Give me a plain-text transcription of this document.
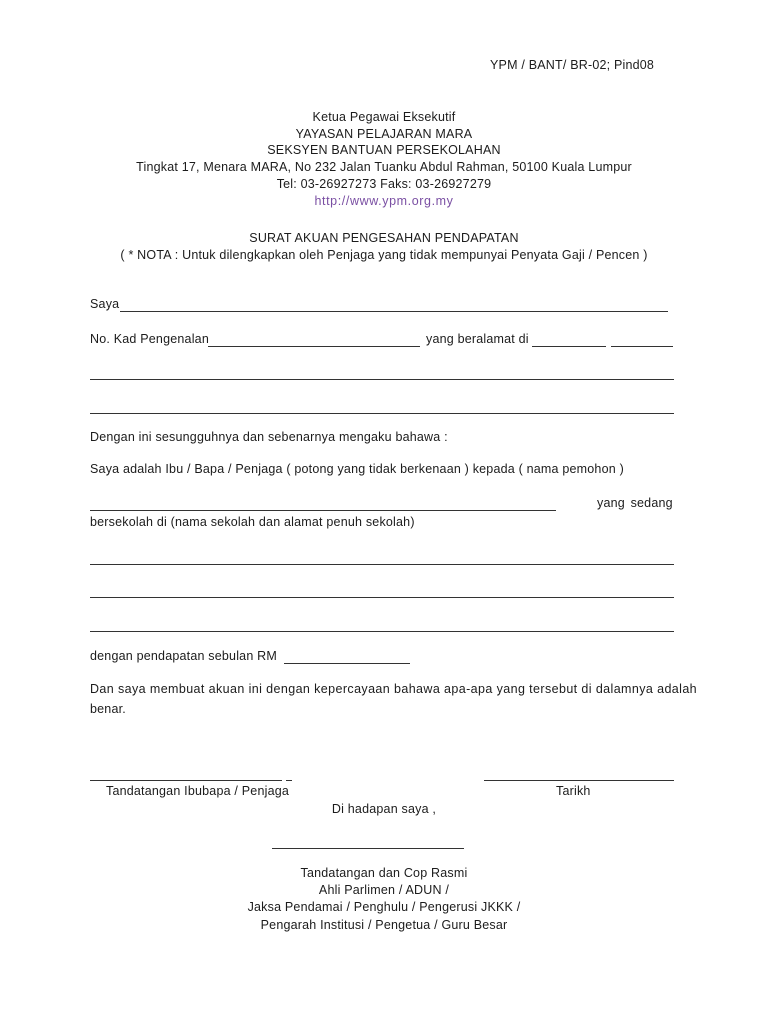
YPM / BANT/ BR-02; Pind08
Ketua Pegawai Eksekutif
YAYASAN PELAJARAN MARA
SEKSYEN BANTUAN PERSEKOLAHAN
Tingkat 17, Menara MARA, No 232 Jalan Tuanku Abdul Rahman, 50100 Kuala Lumpur
Tel: 03-26927273 Faks: 03-26927279
http://www.ypm.org.my
SURAT AKUAN PENGESAHAN PENDAPATAN
( * NOTA : Untuk dilengkapkan oleh Penjaga yang tidak mempunyai Penyata Gaji / Pencen )
Saya
No. Kad Pengenalan	yang beralamat di
Dengan ini sesungguhnya dan sebenarnya mengaku bahawa :
Saya adalah Ibu / Bapa / Penjaga ( potong yang tidak berkenaan ) kepada ( nama pemohon )
yang sedang
bersekolah di (nama sekolah dan alamat penuh sekolah)
dengan pendapatan sebulan RM
Dan saya membuat akuan ini dengan kepercayaan bahawa apa-apa yang tersebut di dalamnya adalah
benar.
Tandatangan Ibubapa / Penjaga	Tarikh
Di hadapan saya ,
Tandatangan dan Cop Rasmi
Ahli Parlimen / ADUN /
Jaksa Pendamai / Penghulu / Pengerusi JKKK /
Pengarah Institusi / Pengetua / Guru Besar
